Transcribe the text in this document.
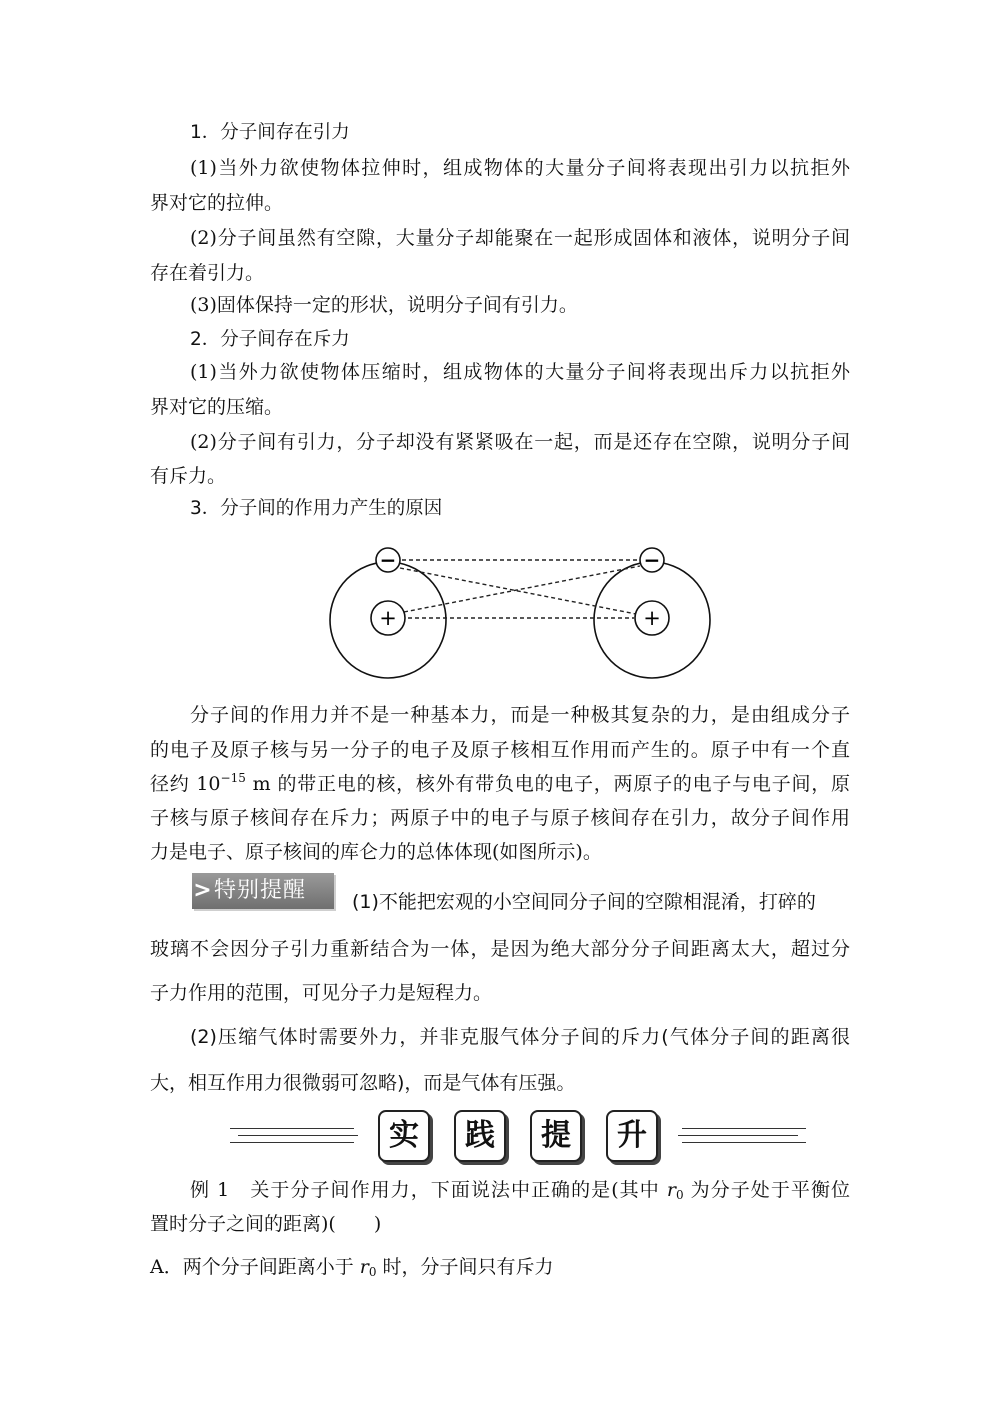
1．分子间存在引力
(1)当外力欲使物体拉伸时，组成物体的大量分子间将表现出引力以抗拒外
界对它的拉伸。
(2)分子间虽然有空隙，大量分子却能聚在一起形成固体和液体，说明分子间
存在着引力。
(3)固体保持一定的形状，说明分子间有引力。
2．分子间存在斥力
(1)当外力欲使物体压缩时，组成物体的大量分子间将表现出斥力以抗拒外
界对它的压缩。
(2)分子间有引力，分子却没有紧紧吸在一起，而是还存在空隙，说明分子间
有斥力。
3．分子间的作用力产生的原因
−	−
+	+
分子间的作用力并不是一种基本力，而是一种极其复杂的力，是由组成分子
的电子及原子核与另一分子的电子及原子核相互作用而产生的。原子中有一个直
径约 $10^{-15}$ m 的带正电的核，核外有带负电的电子，两原子的电子与电子间，原
子核与原子核间存在斥力；两原子中的电子与原子核间存在引力，故分子间作用
力是电子、原子核间的库仑力的总体体现(如图所示)。
>特别提醒	(1)不能把宏观的小空间同分子间的空隙相混淆，打碎的
玻璃不会因分子引力重新结合为一体，是因为绝大部分分子间距离太大，超过分
子力作用的范围，可见分子力是短程力。
(2)压缩气体时需要外力，并非克服气体分子间的斥力(气体分子间的距离很
大，相互作用力很微弱可忽略)，而是气体有压强。
实	践	提	升
例 1　 关于分子间作用力，下面说法中正确的是(其中 $r_0$ 为分子处于平衡位
置时分子之间的距离)(　　)
A．两个分子间距离小于 $r_0$ 时，分子间只有斥力
